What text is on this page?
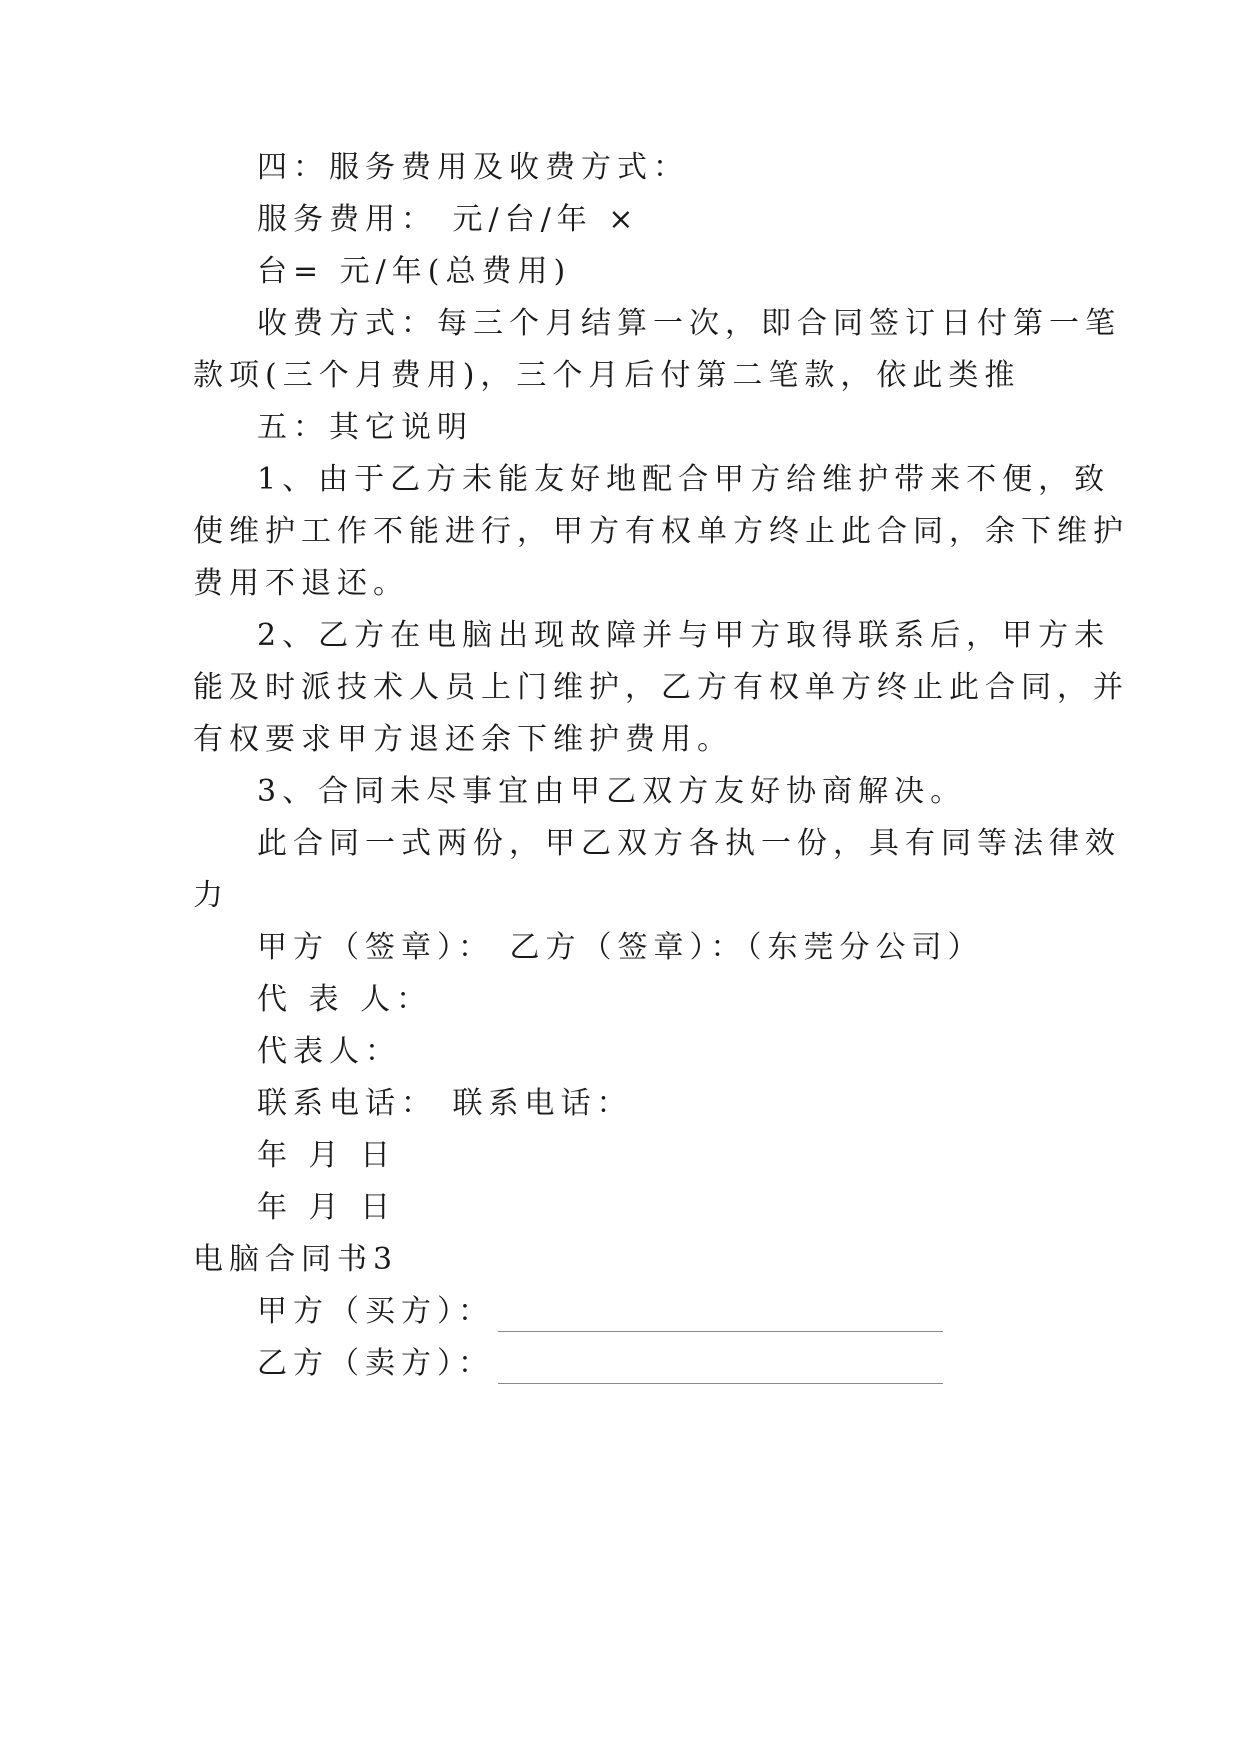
四：服务费用及收费方式：
服务费用： 元/台/年 ×
台= 元/年(总费用)
收费方式：每三个月结算一次，即合同签订日付第一笔
款项(三个月费用)，三个月后付第二笔款，依此类推
五：其它说明
1、由于乙方未能友好地配合甲方给维护带来不便，致
使维护工作不能进行，甲方有权单方终止此合同，余下维护
费用不退还。
2、乙方在电脑出现故障并与甲方取得联系后，甲方未
能及时派技术人员上门维护，乙方有权单方终止此合同，并
有权要求甲方退还余下维护费用。
3、合同未尽事宜由甲乙双方友好协商解决。
此合同一式两份，甲乙双方各执一份，具有同等法律效
力
甲方（签章）： 乙方（签章）：（东莞分公司）
代 表 人：
代表人：
联系电话： 联系电话：
年 月 日
年 月 日
电脑合同书3
甲方（买方）：
乙方（卖方）：
